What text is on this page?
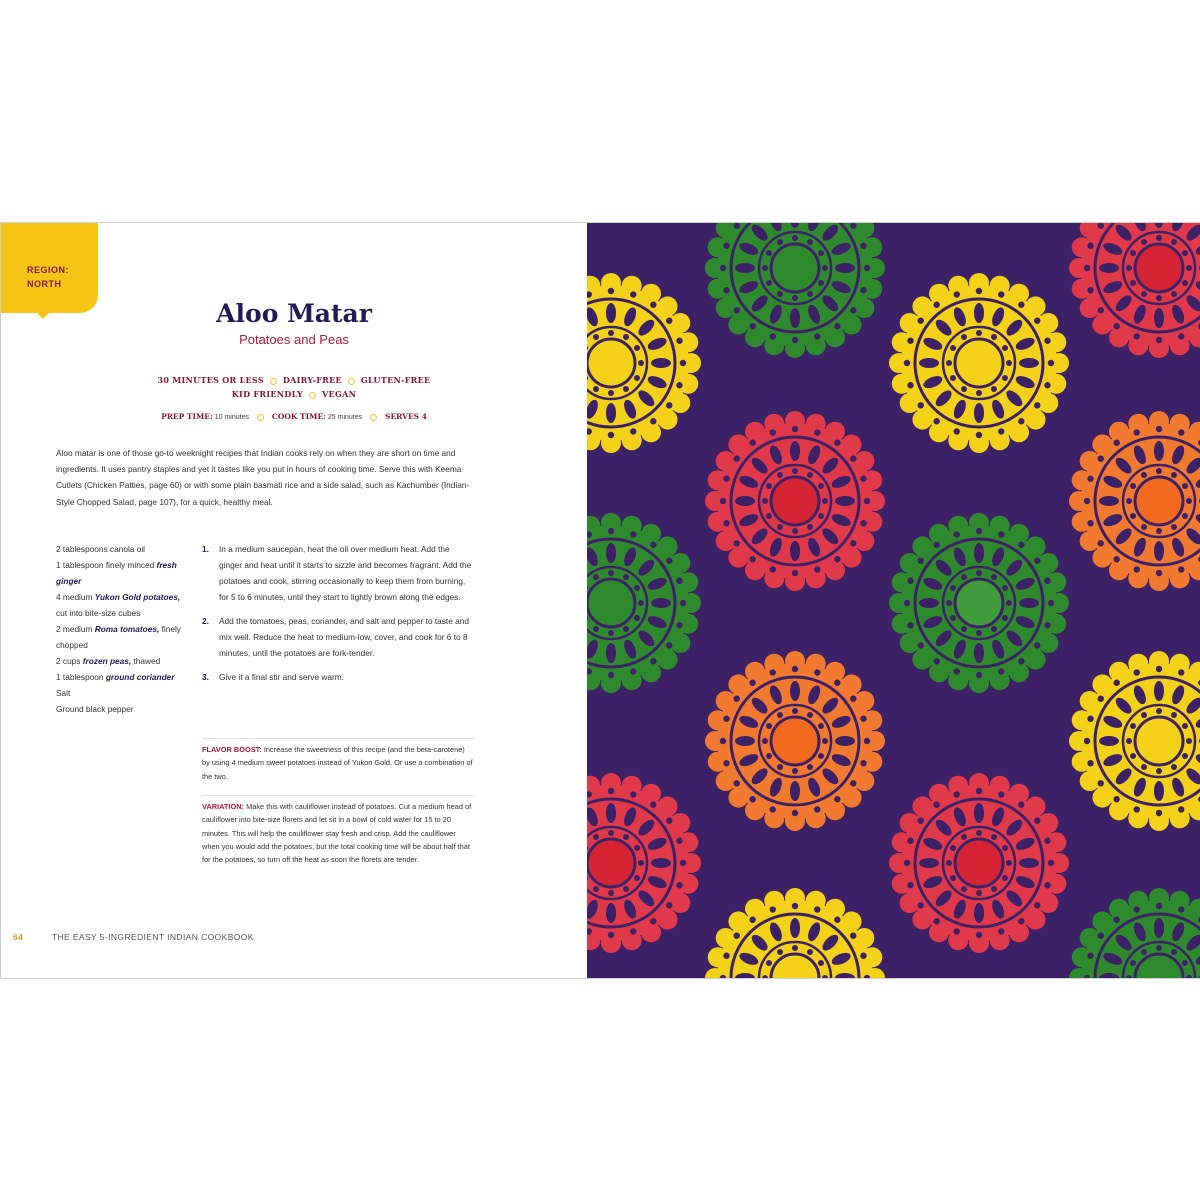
REGION:
NORTH
Aloo Matar
Potatoes and Peas
30 MINUTES OR LESS DAIRY-FREE GLUTEN-FREE
KID FRIENDLY VEGAN
PREP TIME: 10 minutes	COOK TIME: 25 minutes	SERVES 4

Aloo matar is one of those go-to weeknight recipes that Indian cooks rely on when they are short on time and ingredients. It uses pantry staples and yet it tastes like you put in hours of cooking time. Serve this with Keema Cutlets (Chicken Patties, page 60) or with some plain basmati rice and a side salad, such as Kachumber (Indian-Style Chopped Salad, page 107), for a quick, healthy meal.

2 tablespoons canola oil
1 tablespoon finely minced fresh ginger
4 medium Yukon Gold potatoes, cut into bite-size cubes
2 medium Roma tomatoes, finely chopped
2 cups frozen peas, thawed
1 tablespoon ground coriander
Salt
Ground black pepper
1. In a medium saucepan, heat the oil over medium heat. Add the ginger and heat until it starts to sizzle and becomes fragrant. Add the potatoes and cook, stirring occasionally to keep them from burning, for 5 to 6 minutes, until they start to lightly brown along the edges.
2. Add the tomatoes, peas, coriander, and salt and pepper to taste and mix well. Reduce the heat to medium-low, cover, and cook for 6 to 8 minutes, until the potatoes are fork-tender.
3. Give it a final stir and serve warm.
FLAVOR BOOST: Increase the sweetness of this recipe (and the beta-carotene) by using 4 medium sweet potatoes instead of Yukon Gold. Or use a combination of the two.
VARIATION: Make this with cauliflower instead of potatoes. Cut a medium head of cauliflower into bite-size florets and let sit in a bowl of cold water for 15 to 20 minutes. This will help the cauliflower stay fresh and crisp. Add the cauliflower when you would add the potatoes, but the total cooking time will be about half that for the potatoes, so turn off the heat as soon the florets are tender.
64	THE EASY 5-INGREDIENT INDIAN COOKBOOK
